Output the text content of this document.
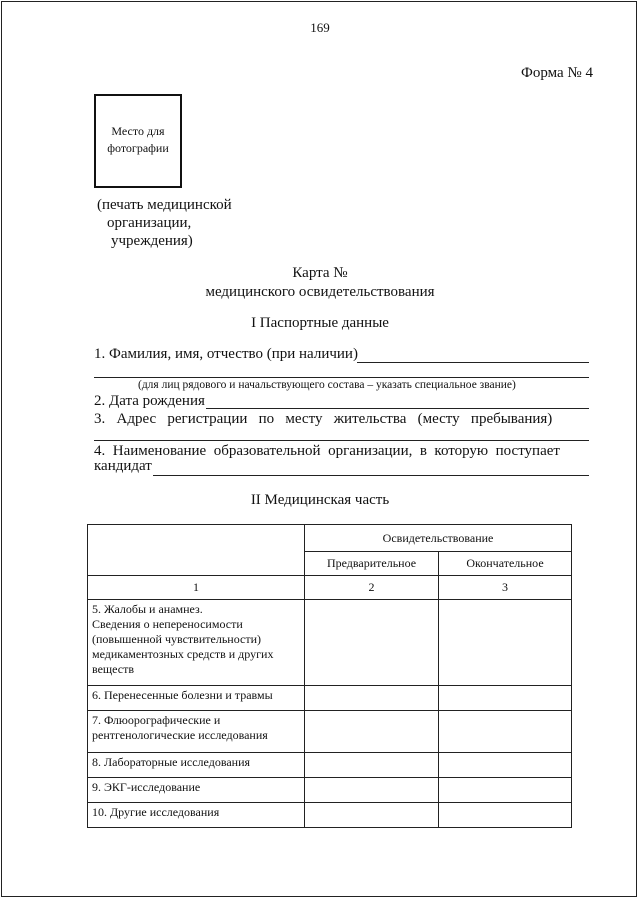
169
Форма № 4
Место для
фотографии
(печать медицинской
организации,
учреждения)
Карта №
медицинского освидетельствования
I Паспортные данные
1. Фамилия, имя, отчество (при наличии)
(для лиц рядового и начальствующего состава – указать специальное звание)
2. Дата рождения
3.   Адрес   регистрации   по   месту   жительства   (месту   пребывания)
4.  Наименование  образовательной  организации,  в  которую  поступает
кандидат
II Медицинская часть
	Освидетельствование	
	Предварительное	Окончательное
1	2	3
5. Жалобы и анамнез.
Сведения о непереносимости
(повышенной чувствительности)
медикаментозных средств и других
веществ		
6. Перенесенные болезни и травмы		
7. Флюорографические и
рентгенологические исследования		
8. Лабораторные исследования		
9. ЭКГ-исследование		
10. Другие исследования		
